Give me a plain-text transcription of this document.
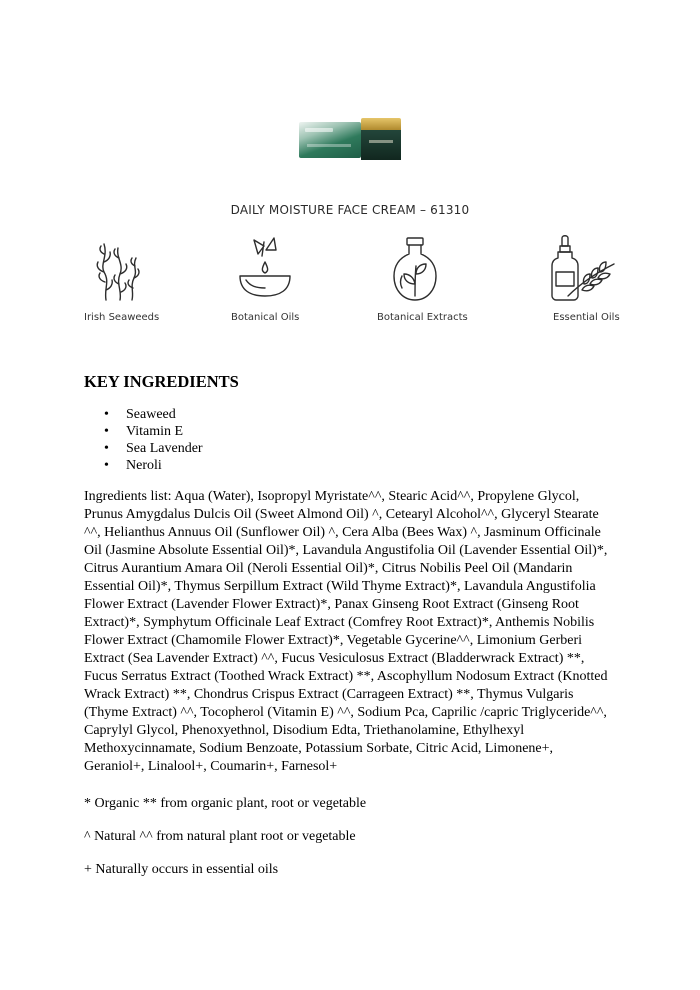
DAILY MOISTURE FACE CREAM – 61310
Irish Seaweeds	Botanical Oils	Botanical Extracts	Essential Oils
KEY INGREDIENTS
• Seaweed
• Vitamin E
• Sea Lavender
• Neroli

Ingredients list: Aqua (Water), Isopropyl Myristate^^, Stearic Acid^^, Propylene Glycol,
Prunus Amygdalus Dulcis Oil (Sweet Almond Oil) ^, Cetearyl Alcohol^^, Glyceryl Stearate
^^, Helianthus Annuus Oil (Sunflower Oil) ^, Cera Alba (Bees Wax) ^, Jasminum Officinale
Oil (Jasmine Absolute Essential Oil)*, Lavandula Angustifolia Oil (Lavender Essential Oil)*,
Citrus Aurantium Amara Oil (Neroli Essential Oil)*, Citrus Nobilis Peel Oil (Mandarin
Essential Oil)*, Thymus Serpillum Extract (Wild Thyme Extract)*, Lavandula Angustifolia
Flower Extract (Lavender Flower Extract)*, Panax Ginseng Root Extract (Ginseng Root
Extract)*, Symphytum Officinale Leaf Extract (Comfrey Root Extract)*, Anthemis Nobilis
Flower Extract (Chamomile Flower Extract)*, Vegetable Gycerine^^, Limonium Gerberi
Extract (Sea Lavender Extract) ^^, Fucus Vesiculosus Extract (Bladderwrack Extract) **,
Fucus Serratus Extract (Toothed Wrack Extract) **, Ascophyllum Nodosum Extract (Knotted
Wrack Extract) **, Chondrus Crispus Extract (Carrageen Extract) **, Thymus Vulgaris
(Thyme Extract) ^^, Tocopherol (Vitamin E) ^^, Sodium Pca, Caprilic /capric Triglyceride^^,
Caprylyl Glycol, Phenoxyethnol, Disodium Edta, Triethanolamine, Ethylhexyl
Methoxycinnamate, Sodium Benzoate, Potassium Sorbate, Citric Acid, Limonene+,
Geraniol+, Linalool+, Coumarin+, Farnesol+

* Organic ** from organic plant, root or vegetable

^ Natural ^^ from natural plant root or vegetable

+ Naturally occurs in essential oils
